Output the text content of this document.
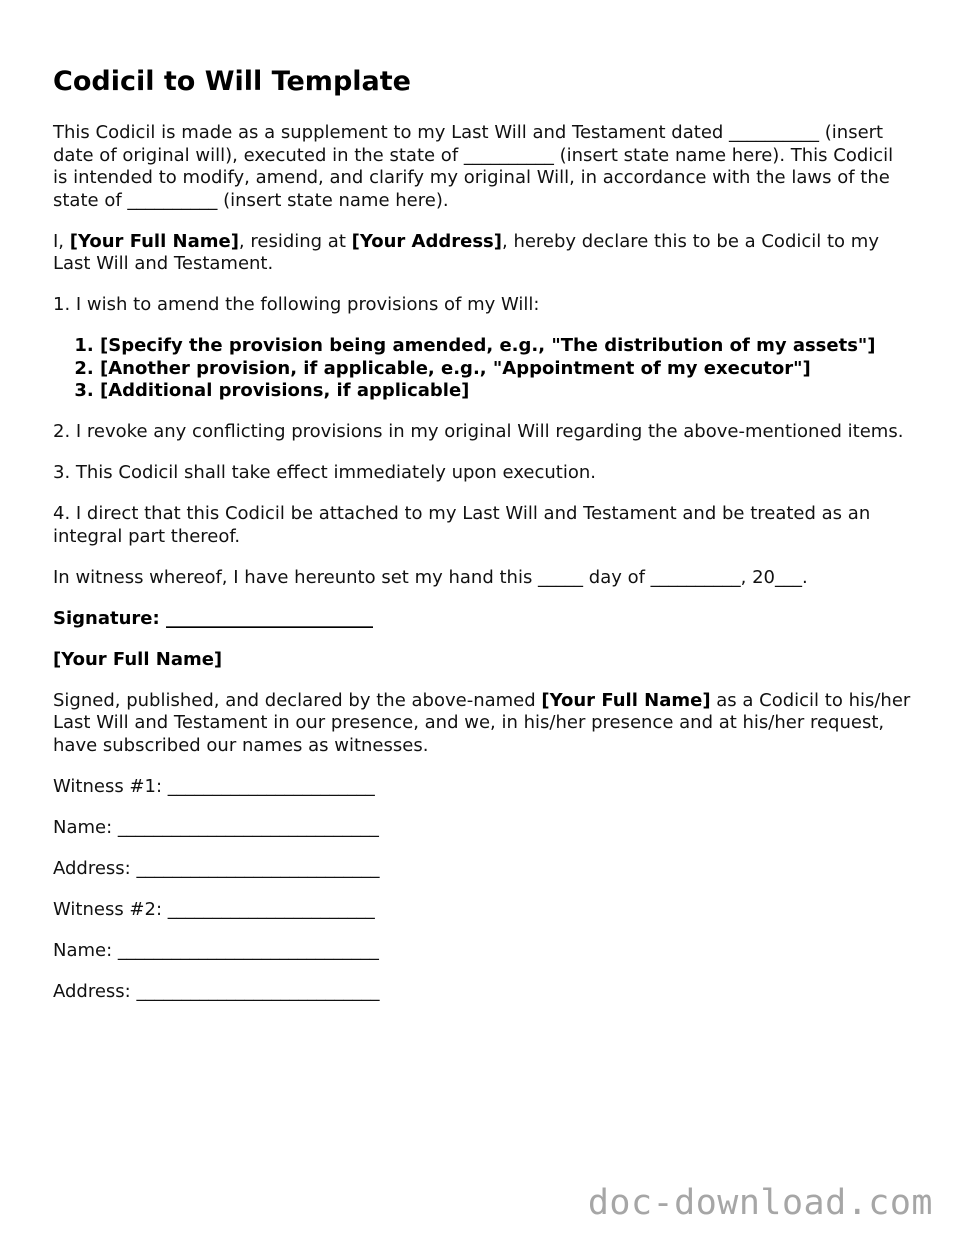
Codicil to Will Template

This Codicil is made as a supplement to my Last Will and Testament dated __________ (insert date of original will), executed in the state of __________ (insert state name here). This Codicil is intended to modify, amend, and clarify my original Will, in accordance with the laws of the state of __________ (insert state name here).

I, [Your Full Name], residing at [Your Address], hereby declare this to be a Codicil to my Last Will and Testament.

1. I wish to amend the following provisions of my Will:

1. [Specify the provision being amended, e.g., "The distribution of my assets"]
2. [Another provision, if applicable, e.g., "Appointment of my executor"]
3. [Additional provisions, if applicable]

2. I revoke any conflicting provisions in my original Will regarding the above-mentioned items.

3. This Codicil shall take effect immediately upon execution.

4. I direct that this Codicil be attached to my Last Will and Testament and be treated as an integral part thereof.

In witness whereof, I have hereunto set my hand this _____ day of __________, 20___.

Signature: _______________________

[Your Full Name]

Signed, published, and declared by the above-named [Your Full Name] as a Codicil to his/her Last Will and Testament in our presence, and we, in his/her presence and at his/her request, have subscribed our names as witnesses.

Witness #1: _______________________

Name: _____________________________

Address: ___________________________

Witness #2: _______________________

Name: _____________________________

Address: ___________________________

doc-download.com
